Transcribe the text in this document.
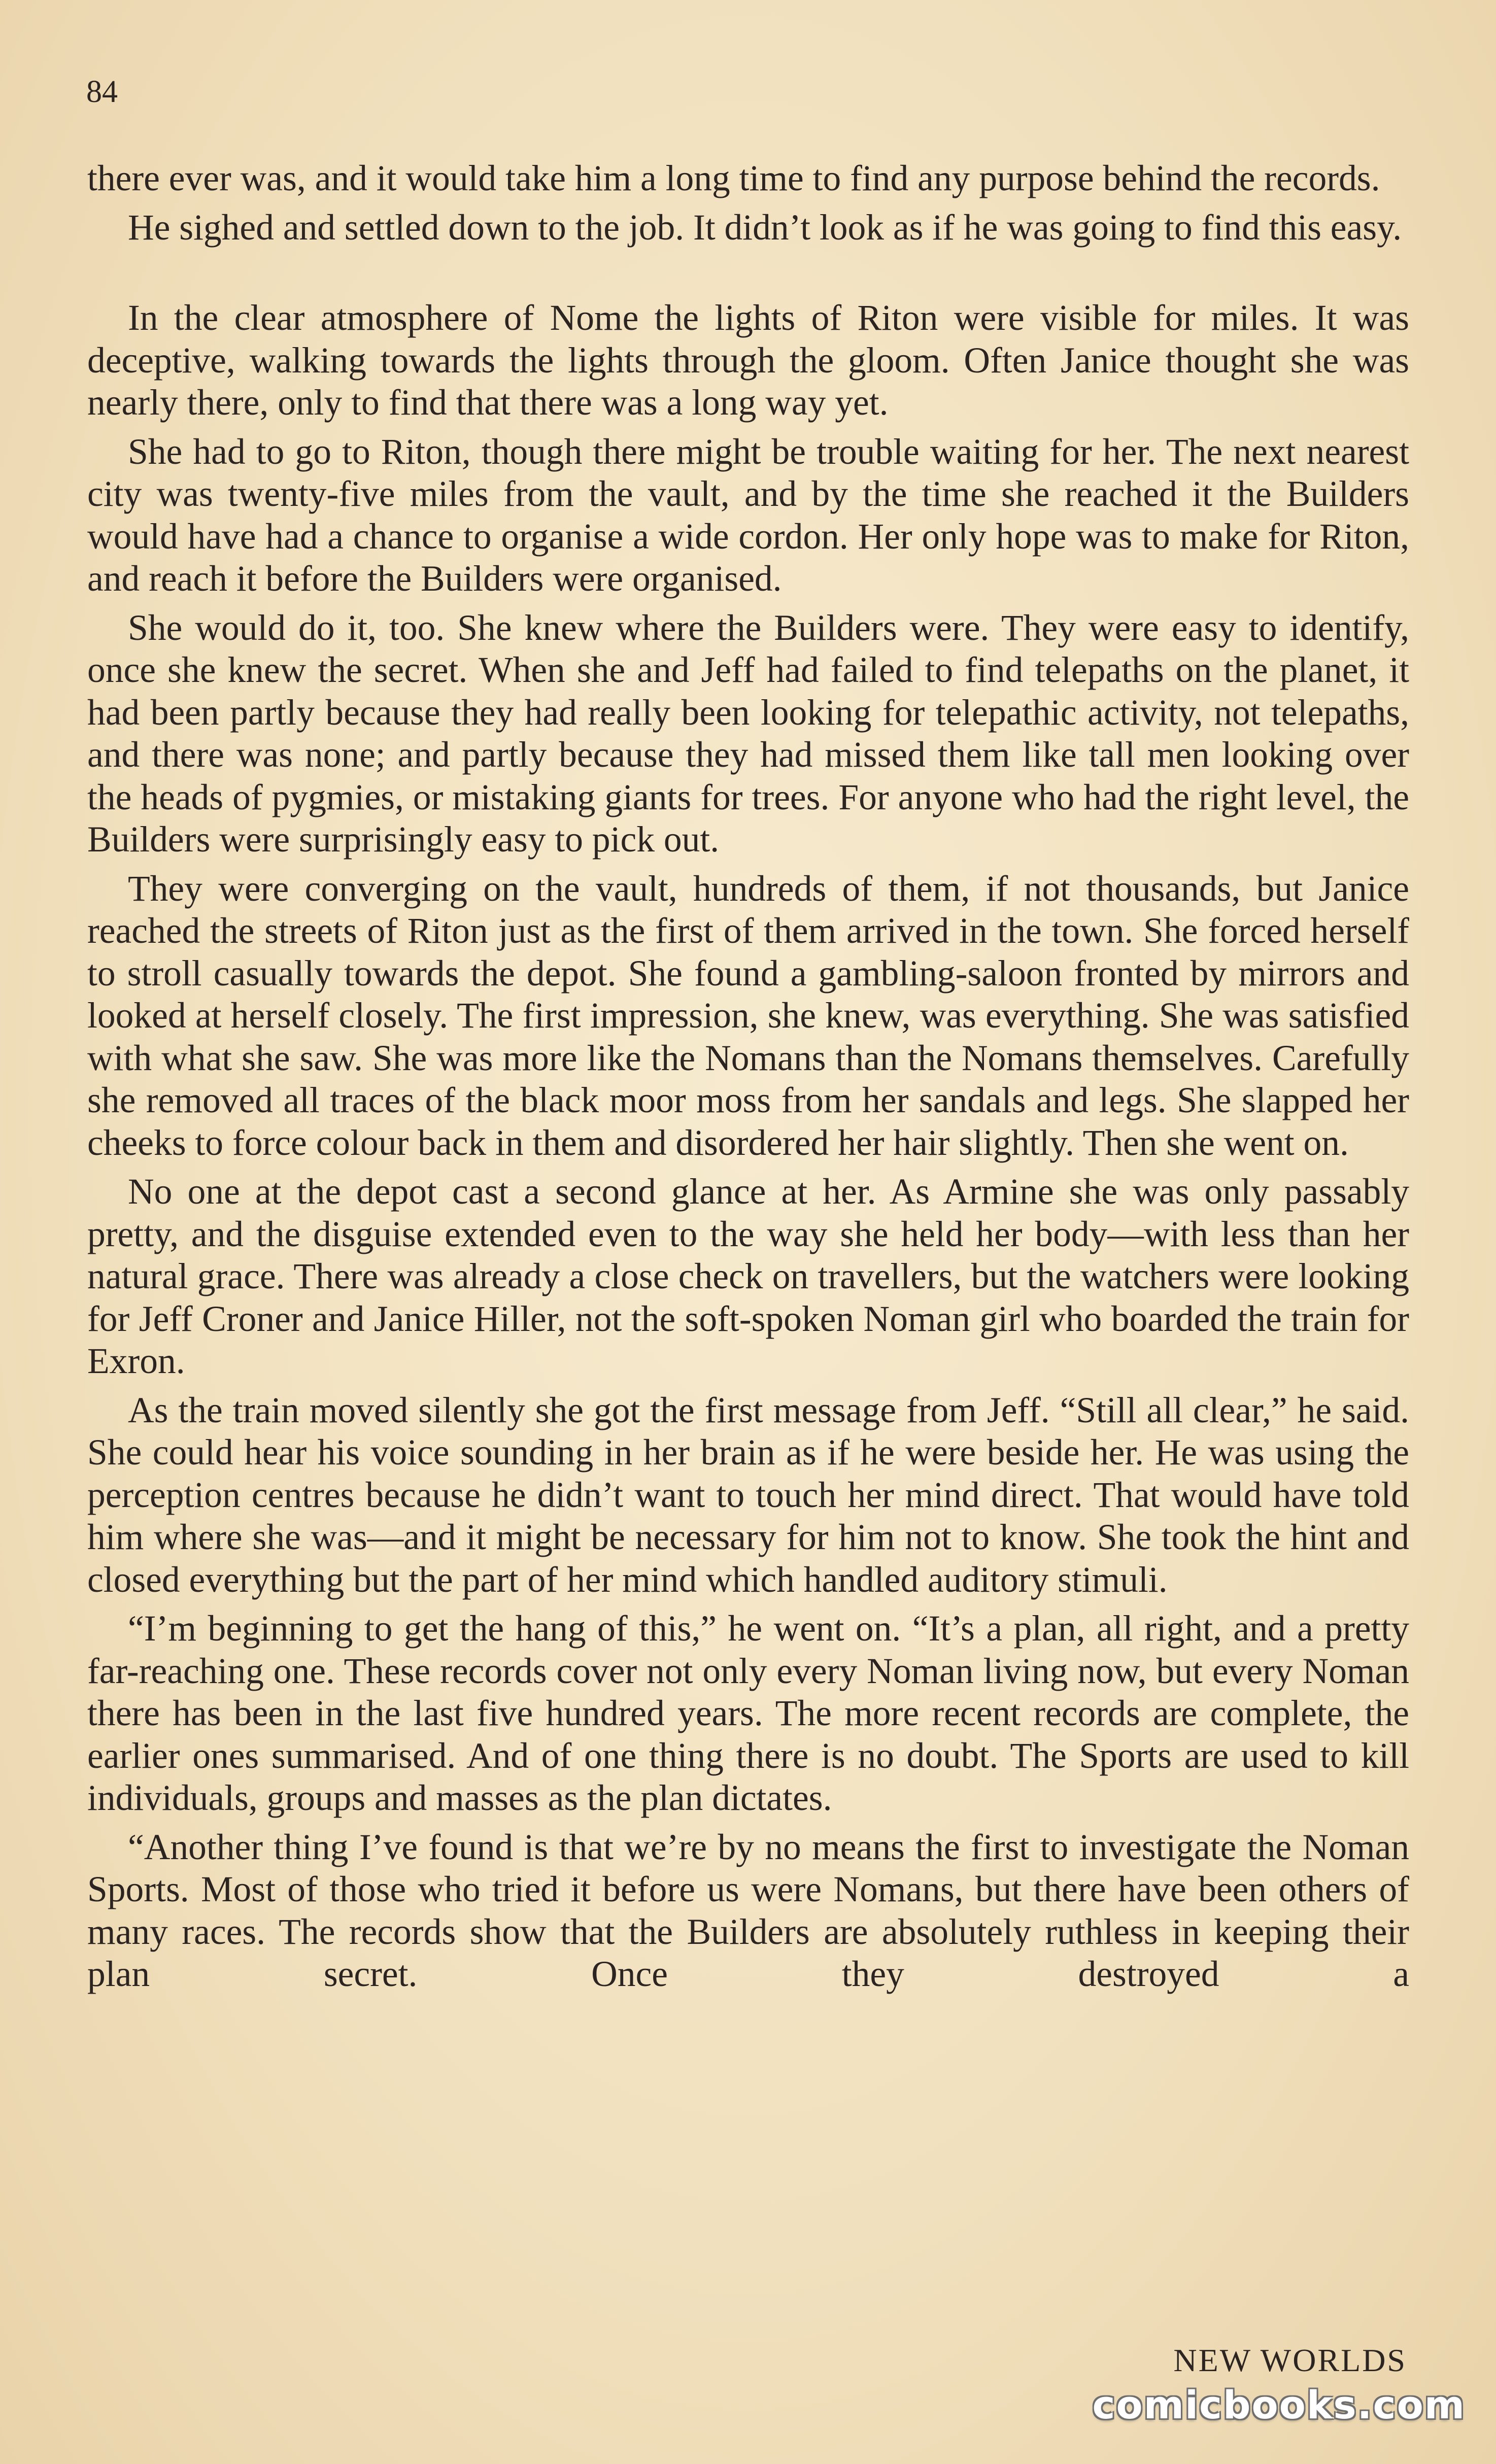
84

there ever was, and it would take him a long time to find any purpose behind the records.

He sighed and settled down to the job. It didn’t look as if he was going to find this easy.

In the clear atmosphere of Nome the lights of Riton were visible for miles. It was deceptive, walking towards the lights through the gloom. Often Janice thought she was nearly there, only to find that there was a long way yet.

She had to go to Riton, though there might be trouble waiting for her. The next nearest city was twenty-five miles from the vault, and by the time she reached it the Builders would have had a chance to organise a wide cordon. Her only hope was to make for Riton, and reach it before the Builders were organised.

She would do it, too. She knew where the Builders were. They were easy to identify, once she knew the secret. When she and Jeff had failed to find telepaths on the planet, it had been partly because they had really been looking for telepathic activity, not telepaths, and there was none; and partly because they had missed them like tall men looking over the heads of pygmies, or mistaking giants for trees. For anyone who had the right level, the Builders were surprisingly easy to pick out.

They were converging on the vault, hundreds of them, if not thousands, but Janice reached the streets of Riton just as the first of them arrived in the town. She forced herself to stroll casually towards the depot. She found a gambling-saloon fronted by mirrors and looked at herself closely. The first impression, she knew, was everything. She was satisfied with what she saw. She was more like the Nomans than the Nomans themselves. Carefully she removed all traces of the black moor moss from her sandals and legs. She slapped her cheeks to force colour back in them and disordered her hair slightly. Then she went on.

No one at the depot cast a second glance at her. As Armine she was only passably pretty, and the disguise extended even to the way she held her body—with less than her natural grace. There was already a close check on travellers, but the watchers were looking for Jeff Croner and Janice Hiller, not the soft-spoken Noman girl who boarded the train for Exron.

As the train moved silently she got the first message from Jeff. “Still all clear,” he said. She could hear his voice sounding in her brain as if he were beside her. He was using the perception centres because he didn’t want to touch her mind direct. That would have told him where she was—and it might be necessary for him not to know. She took the hint and closed everything but the part of her mind which handled auditory stimuli.

“I’m beginning to get the hang of this,” he went on. “It’s a plan, all right, and a pretty far-reaching one. These records cover not only every Noman living now, but every Noman there has been in the last five hundred years. The more recent records are complete, the earlier ones summarised. And of one thing there is no doubt. The Sports are used to kill individuals, groups and masses as the plan dictates.

“Another thing I’ve found is that we’re by no means the first to investigate the Noman Sports. Most of those who tried it before us were Nomans, but there have been others of many races. The records show that the Builders are absolutely ruthless in keeping their plan secret. Once they destroyed a

NEW WORLDS
comicbooks.com
